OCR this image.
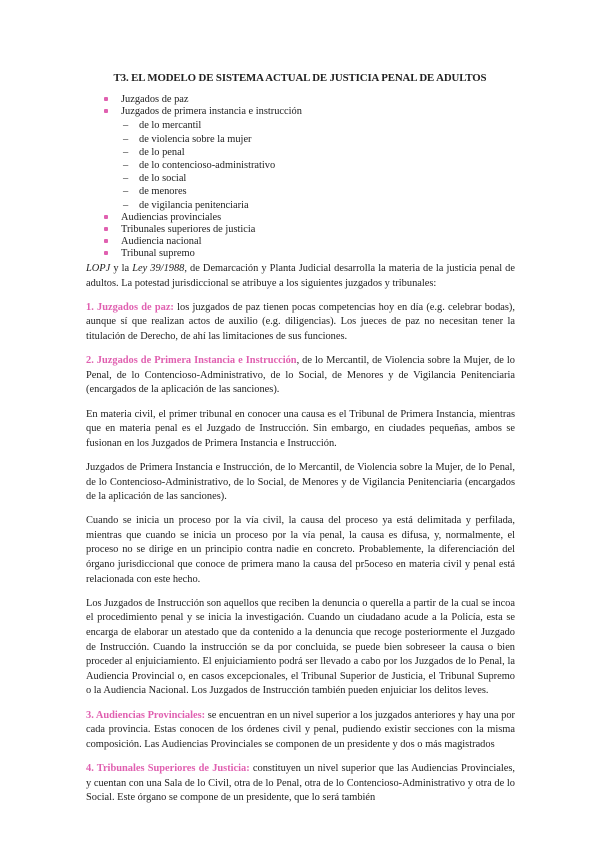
T3. EL MODELO DE SISTEMA ACTUAL DE JUSTICIA PENAL DE ADULTOS
Juzgados de paz
Juzgados de primera instancia e instrucción
– de lo mercantil
– de violencia sobre la mujer
– de lo penal
– de lo contencioso-administrativo
– de lo social
– de menores
– de vigilancia penitenciaria
Audiencias provinciales
Tribunales superiores de justicia
Audiencia nacional
Tribunal supremo

LOPJ y la Ley 39/1988, de Demarcación y Planta Judicial desarrolla la materia de la justicia penal de adultos. La potestad jurisdiccional se atribuye a los siguientes juzgados y tribunales:

1. Juzgados de paz: los juzgados de paz tienen pocas competencias hoy en día (e.g. celebrar bodas), aunque sí que realizan actos de auxilio (e.g. diligencias). Los jueces de paz no necesitan tener la titulación de Derecho, de ahí las limitaciones de sus funciones.

2. Juzgados de Primera Instancia e Instrucción, de lo Mercantil, de Violencia sobre la Mujer, de lo Penal, de lo Contencioso-Administrativo, de lo Social, de Menores y de Vigilancia Penitenciaria (encargados de la aplicación de las sanciones).

En materia civil, el primer tribunal en conocer una causa es el Tribunal de Primera Instancia, mientras que en materia penal es el Juzgado de Instrucción. Sin embargo, en ciudades pequeñas, ambos se fusionan en los Juzgados de Primera Instancia e Instrucción.

Juzgados de Primera Instancia e Instrucción, de lo Mercantil, de Violencia sobre la Mujer, de lo Penal, de lo Contencioso-Administrativo, de lo Social, de Menores y de Vigilancia Penitenciaria (encargados de la aplicación de las sanciones).

Cuando se inicia un proceso por la vía civil, la causa del proceso ya está delimitada y perfilada, mientras que cuando se inicia un proceso por la vía penal, la causa es difusa, y, normalmente, el proceso no se dirige en un principio contra nadie en concreto. Probablemente, la diferenciación del órgano jurisdiccional que conoce de primera mano la causa del pr5oceso en materia civil y penal está relacionada con este hecho.

Los Juzgados de Instrucción son aquellos que reciben la denuncia o querella a partir de la cual se incoa el procedimiento penal y se inicia la investigación. Cuando un ciudadano acude a la Policía, esta se encarga de elaborar un atestado que da contenido a la denuncia que recoge posteriormente el Juzgado de Instrucción. Cuando la instrucción se da por concluida, se puede bien sobreseer la causa o bien proceder al enjuiciamiento. El enjuiciamiento podrá ser llevado a cabo por los Juzgados de lo Penal, la Audiencia Provincial o, en casos excepcionales, el Tribunal Superior de Justicia, el Tribunal Supremo o la Audiencia Nacional. Los Juzgados de Instrucción también pueden enjuiciar los delitos leves.

3. Audiencias Provinciales: se encuentran en un nivel superior a los juzgados anteriores y hay una por cada provincia. Estas conocen de los órdenes civil y penal, pudiendo existir secciones con la misma composición. Las Audiencias Provinciales se componen de un presidente y dos o más magistrados

4. Tribunales Superiores de Justicia: constituyen un nivel superior que las Audiencias Provinciales, y cuentan con una Sala de lo Civil, otra de lo Penal, otra de lo Contencioso-Administrativo y otra de lo Social. Este órgano se compone de un presidente, que lo será también
